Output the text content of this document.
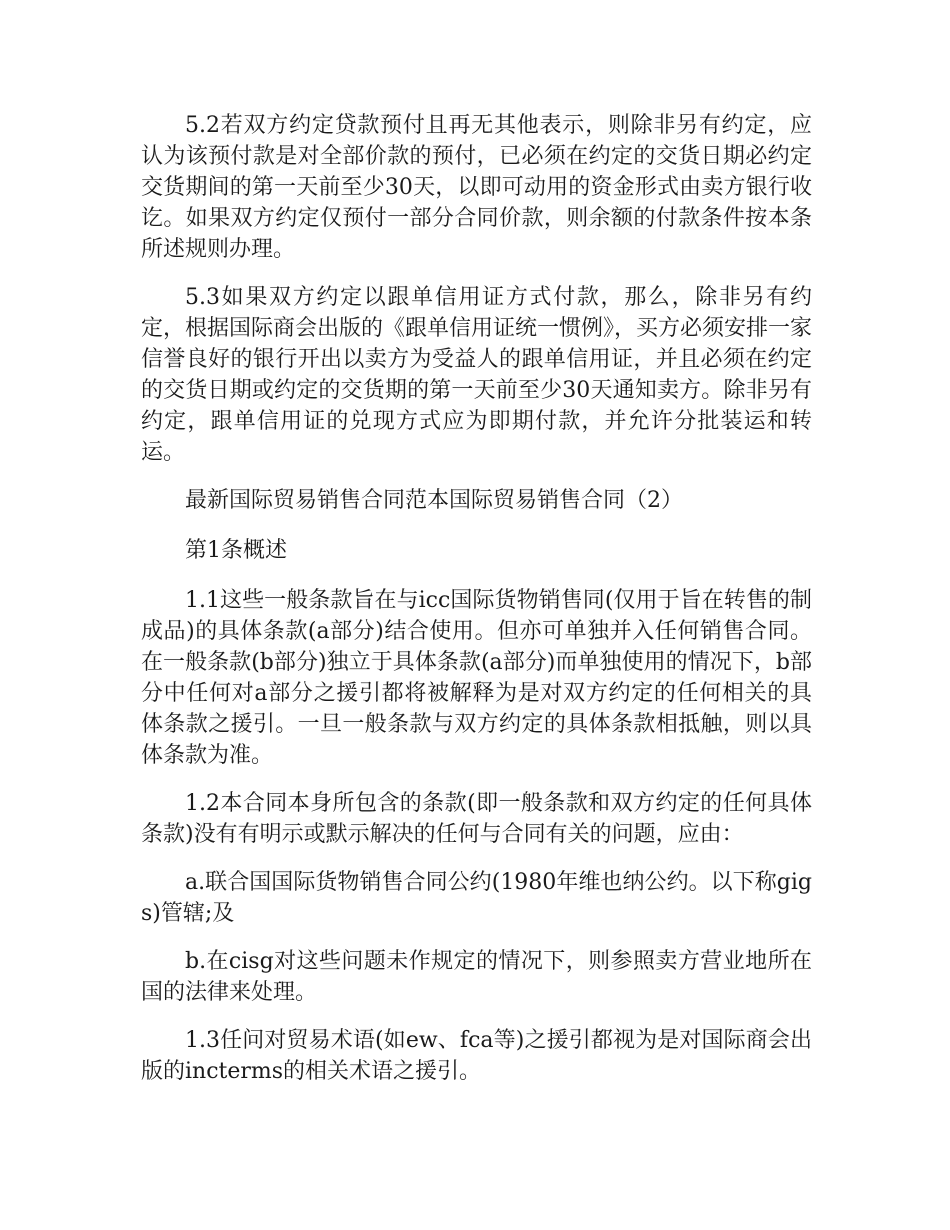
5.2若双方约定贷款预付且再无其他表示，则除非另有约定，应认为该预付款是对全部价款的预付，已必须在约定的交货日期必约定交货期间的第一天前至少30天，以即可动用的资金形式由卖方银行收讫。如果双方约定仅预付一部分合同价款，则余额的付款条件按本条所述规则办理。

5.3如果双方约定以跟单信用证方式付款，那么，除非另有约定，根据国际商会出版的《跟单信用证统一惯例》，买方必须安排一家信誉良好的银行开出以卖方为受益人的跟单信用证，并且必须在约定的交货日期或约定的交货期的第一天前至少30天通知卖方。除非另有约定，跟单信用证的兑现方式应为即期付款，并允许分批装运和转运。

最新国际贸易销售合同范本国际贸易销售合同（2）

第1条概述

1.1这些一般条款旨在与icc国际货物销售同(仅用于旨在转售的制成品)的具体条款(a部分)结合使用。但亦可单独并入任何销售合同。在一般条款(b部分)独立于具体条款(a部分)而单独使用的情况下，b部分中任何对a部分之援引都将被解释为是对双方约定的任何相关的具体条款之援引。一旦一般条款与双方约定的具体条款相抵触，则以具体条款为准。

1.2本合同本身所包含的条款(即一般条款和双方约定的任何具体条款)没有有明示或默示解决的任何与合同有关的问题，应由：

a.联合国国际货物销售合同公约(1980年维也纳公约。以下称gigs)管辖;及

b.在cisg对这些问题未作规定的情况下，则参照卖方营业地所在国的法律来处理。

1.3任问对贸易术语(如ew、fca等)之援引都视为是对国际商会出版的incterms的相关术语之援引。
